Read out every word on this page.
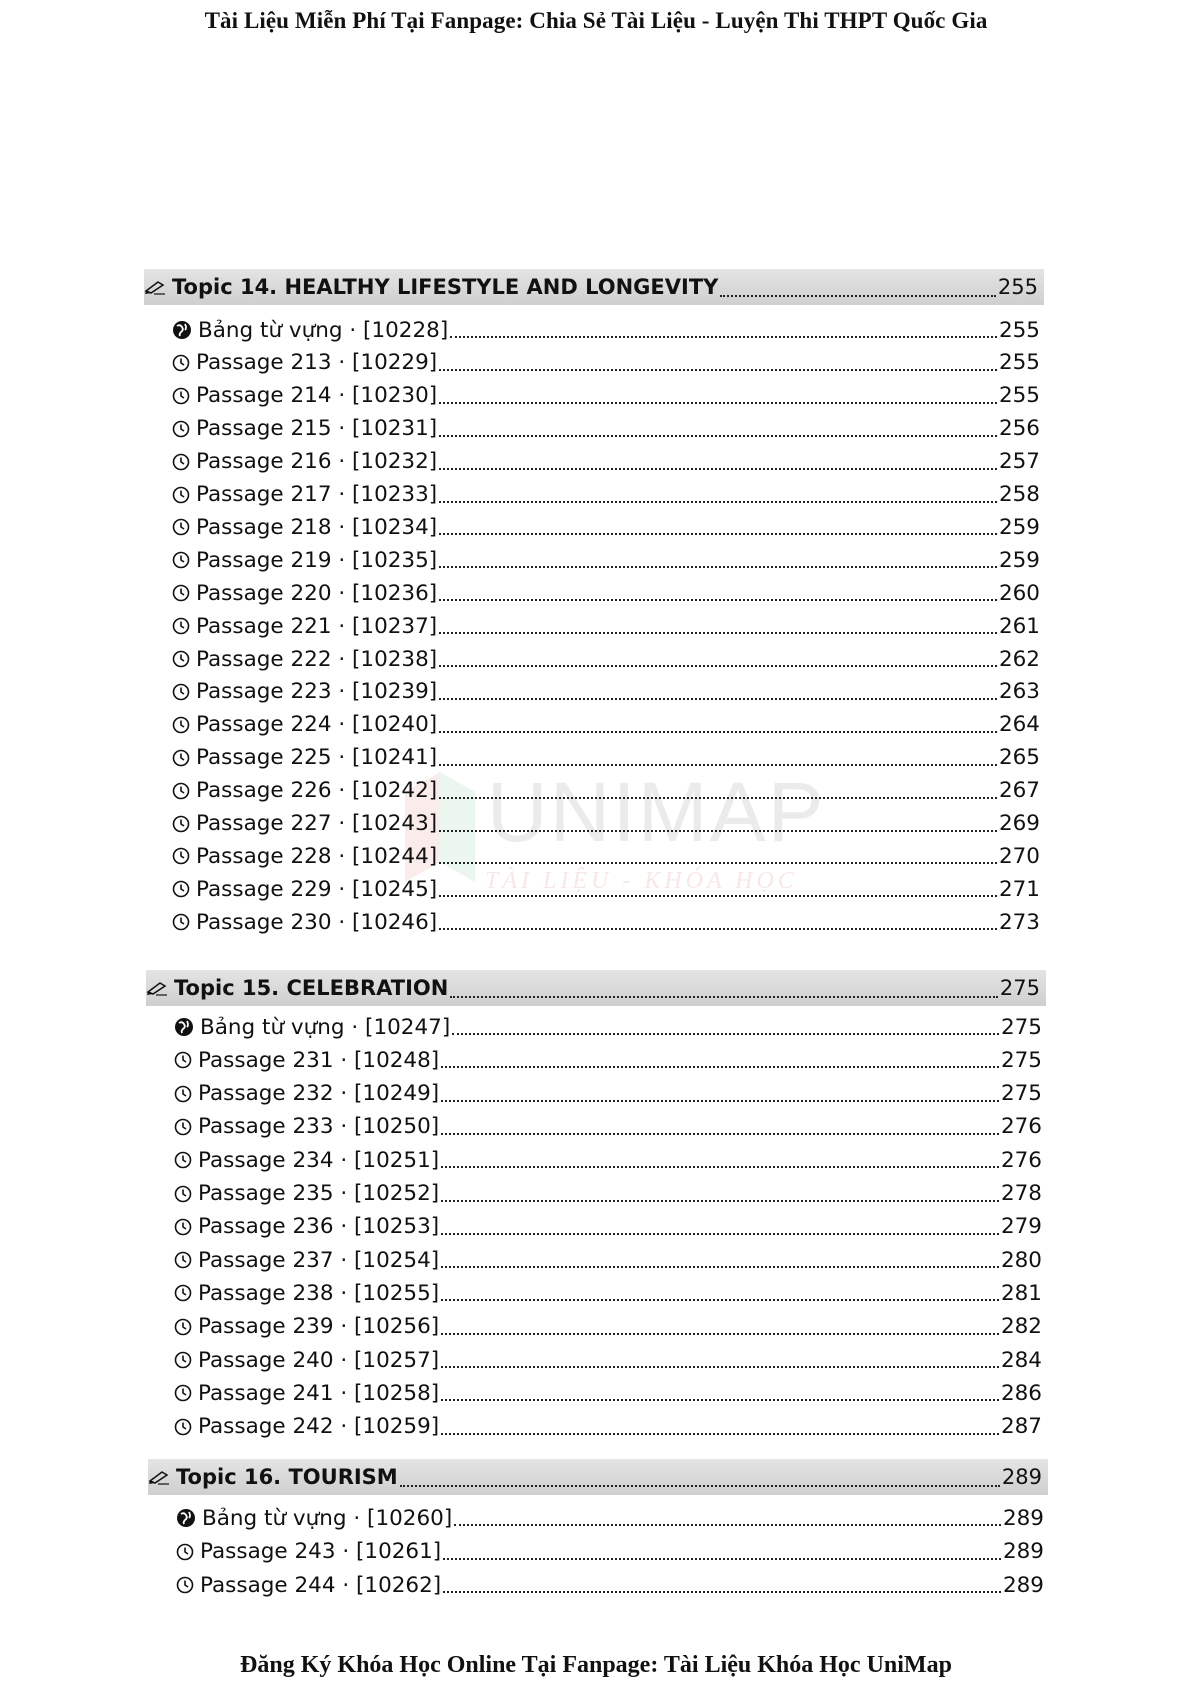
Tài Liệu Miễn Phí Tại Fanpage: Chia Sẻ Tài Liệu - Luyện Thi THPT Quốc Gia
UNIMAP
TÀI LIỆU - KHÓA HỌC
Topic 14. HEALTHY LIFESTYLE AND LONGEVITY	255
Bảng từ vựng · [10228]	255
Passage 213 · [10229]	255
Passage 214 · [10230]	255
Passage 215 · [10231]	256
Passage 216 · [10232]	257
Passage 217 · [10233]	258
Passage 218 · [10234]	259
Passage 219 · [10235]	259
Passage 220 · [10236]	260
Passage 221 · [10237]	261
Passage 222 · [10238]	262
Passage 223 · [10239]	263
Passage 224 · [10240]	264
Passage 225 · [10241]	265
Passage 226 · [10242]	267
Passage 227 · [10243]	269
Passage 228 · [10244]	270
Passage 229 · [10245]	271
Passage 230 · [10246]	273
Topic 15. CELEBRATION	275
Bảng từ vựng · [10247]	275
Passage 231 · [10248]	275
Passage 232 · [10249]	275
Passage 233 · [10250]	276
Passage 234 · [10251]	276
Passage 235 · [10252]	278
Passage 236 · [10253]	279
Passage 237 · [10254]	280
Passage 238 · [10255]	281
Passage 239 · [10256]	282
Passage 240 · [10257]	284
Passage 241 · [10258]	286
Passage 242 · [10259]	287
Topic 16. TOURISM	289
Bảng từ vựng · [10260]	289
Passage 243 · [10261]	289
Passage 244 · [10262]	289
Đăng Ký Khóa Học Online Tại Fanpage: Tài Liệu Khóa Học UniMap
